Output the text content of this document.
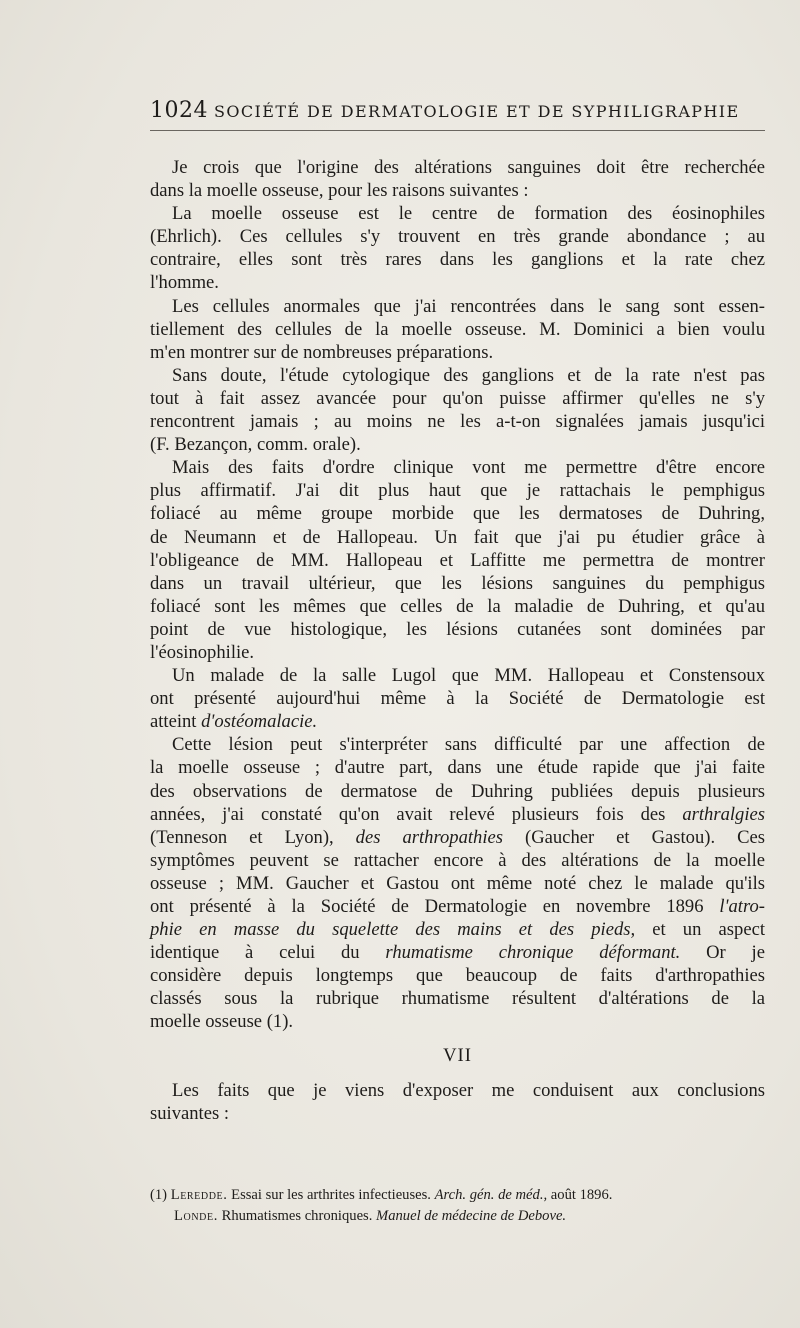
1024 SOCIÉTÉ DE DERMATOLOGIE ET DE SYPHILIGRAPHIE
Je crois que l'origine des altérations sanguines doit être recherchée
dans la moelle osseuse, pour les raisons suivantes :
La moelle osseuse est le centre de formation des éosinophiles
(Ehrlich). Ces cellules s'y trouvent en très grande abondance ; au
contraire, elles sont très rares dans les ganglions et la rate chez
l'homme.
Les cellules anormales que j'ai rencontrées dans le sang sont essen-
tiellement des cellules de la moelle osseuse. M. Dominici a bien voulu
m'en montrer sur de nombreuses préparations.
Sans doute, l'étude cytologique des ganglions et de la rate n'est pas
tout à fait assez avancée pour qu'on puisse affirmer qu'elles ne s'y
rencontrent jamais ; au moins ne les a-t-on signalées jamais jusqu'ici
(F. Bezançon, comm. orale).
Mais des faits d'ordre clinique vont me permettre d'être encore
plus affirmatif. J'ai dit plus haut que je rattachais le pemphigus
foliacé au même groupe morbide que les dermatoses de Duhring,
de Neumann et de Hallopeau. Un fait que j'ai pu étudier grâce à
l'obligeance de MM. Hallopeau et Laffitte me permettra de montrer
dans un travail ultérieur, que les lésions sanguines du pemphigus
foliacé sont les mêmes que celles de la maladie de Duhring, et qu'au
point de vue histologique, les lésions cutanées sont dominées par
l'éosinophilie.
Un malade de la salle Lugol que MM. Hallopeau et Constensoux
ont présenté aujourd'hui même à la Société de Dermatologie est
atteint d'ostéomalacie.
Cette lésion peut s'interpréter sans difficulté par une affection de
la moelle osseuse ; d'autre part, dans une étude rapide que j'ai faite
des observations de dermatose de Duhring publiées depuis plusieurs
années, j'ai constaté qu'on avait relevé plusieurs fois des arthralgies
(Tenneson et Lyon), des arthropathies (Gaucher et Gastou). Ces
symptômes peuvent se rattacher encore à des altérations de la moelle
osseuse ; MM. Gaucher et Gastou ont même noté chez le malade qu'ils
ont présenté à la Société de Dermatologie en novembre 1896 l'atro-
phie en masse du squelette des mains et des pieds, et un aspect
identique à celui du rhumatisme chronique déformant. Or je
considère depuis longtemps que beaucoup de faits d'arthropathies
classés sous la rubrique rhumatisme résultent d'altérations de la
moelle osseuse (1).
VII
Les faits que je viens d'exposer me conduisent aux conclusions
suivantes :
(1) Leredde. Essai sur les arthrites infectieuses. Arch. gén. de méd., août 1896.
Londe. Rhumatismes chroniques. Manuel de médecine de Debove.
